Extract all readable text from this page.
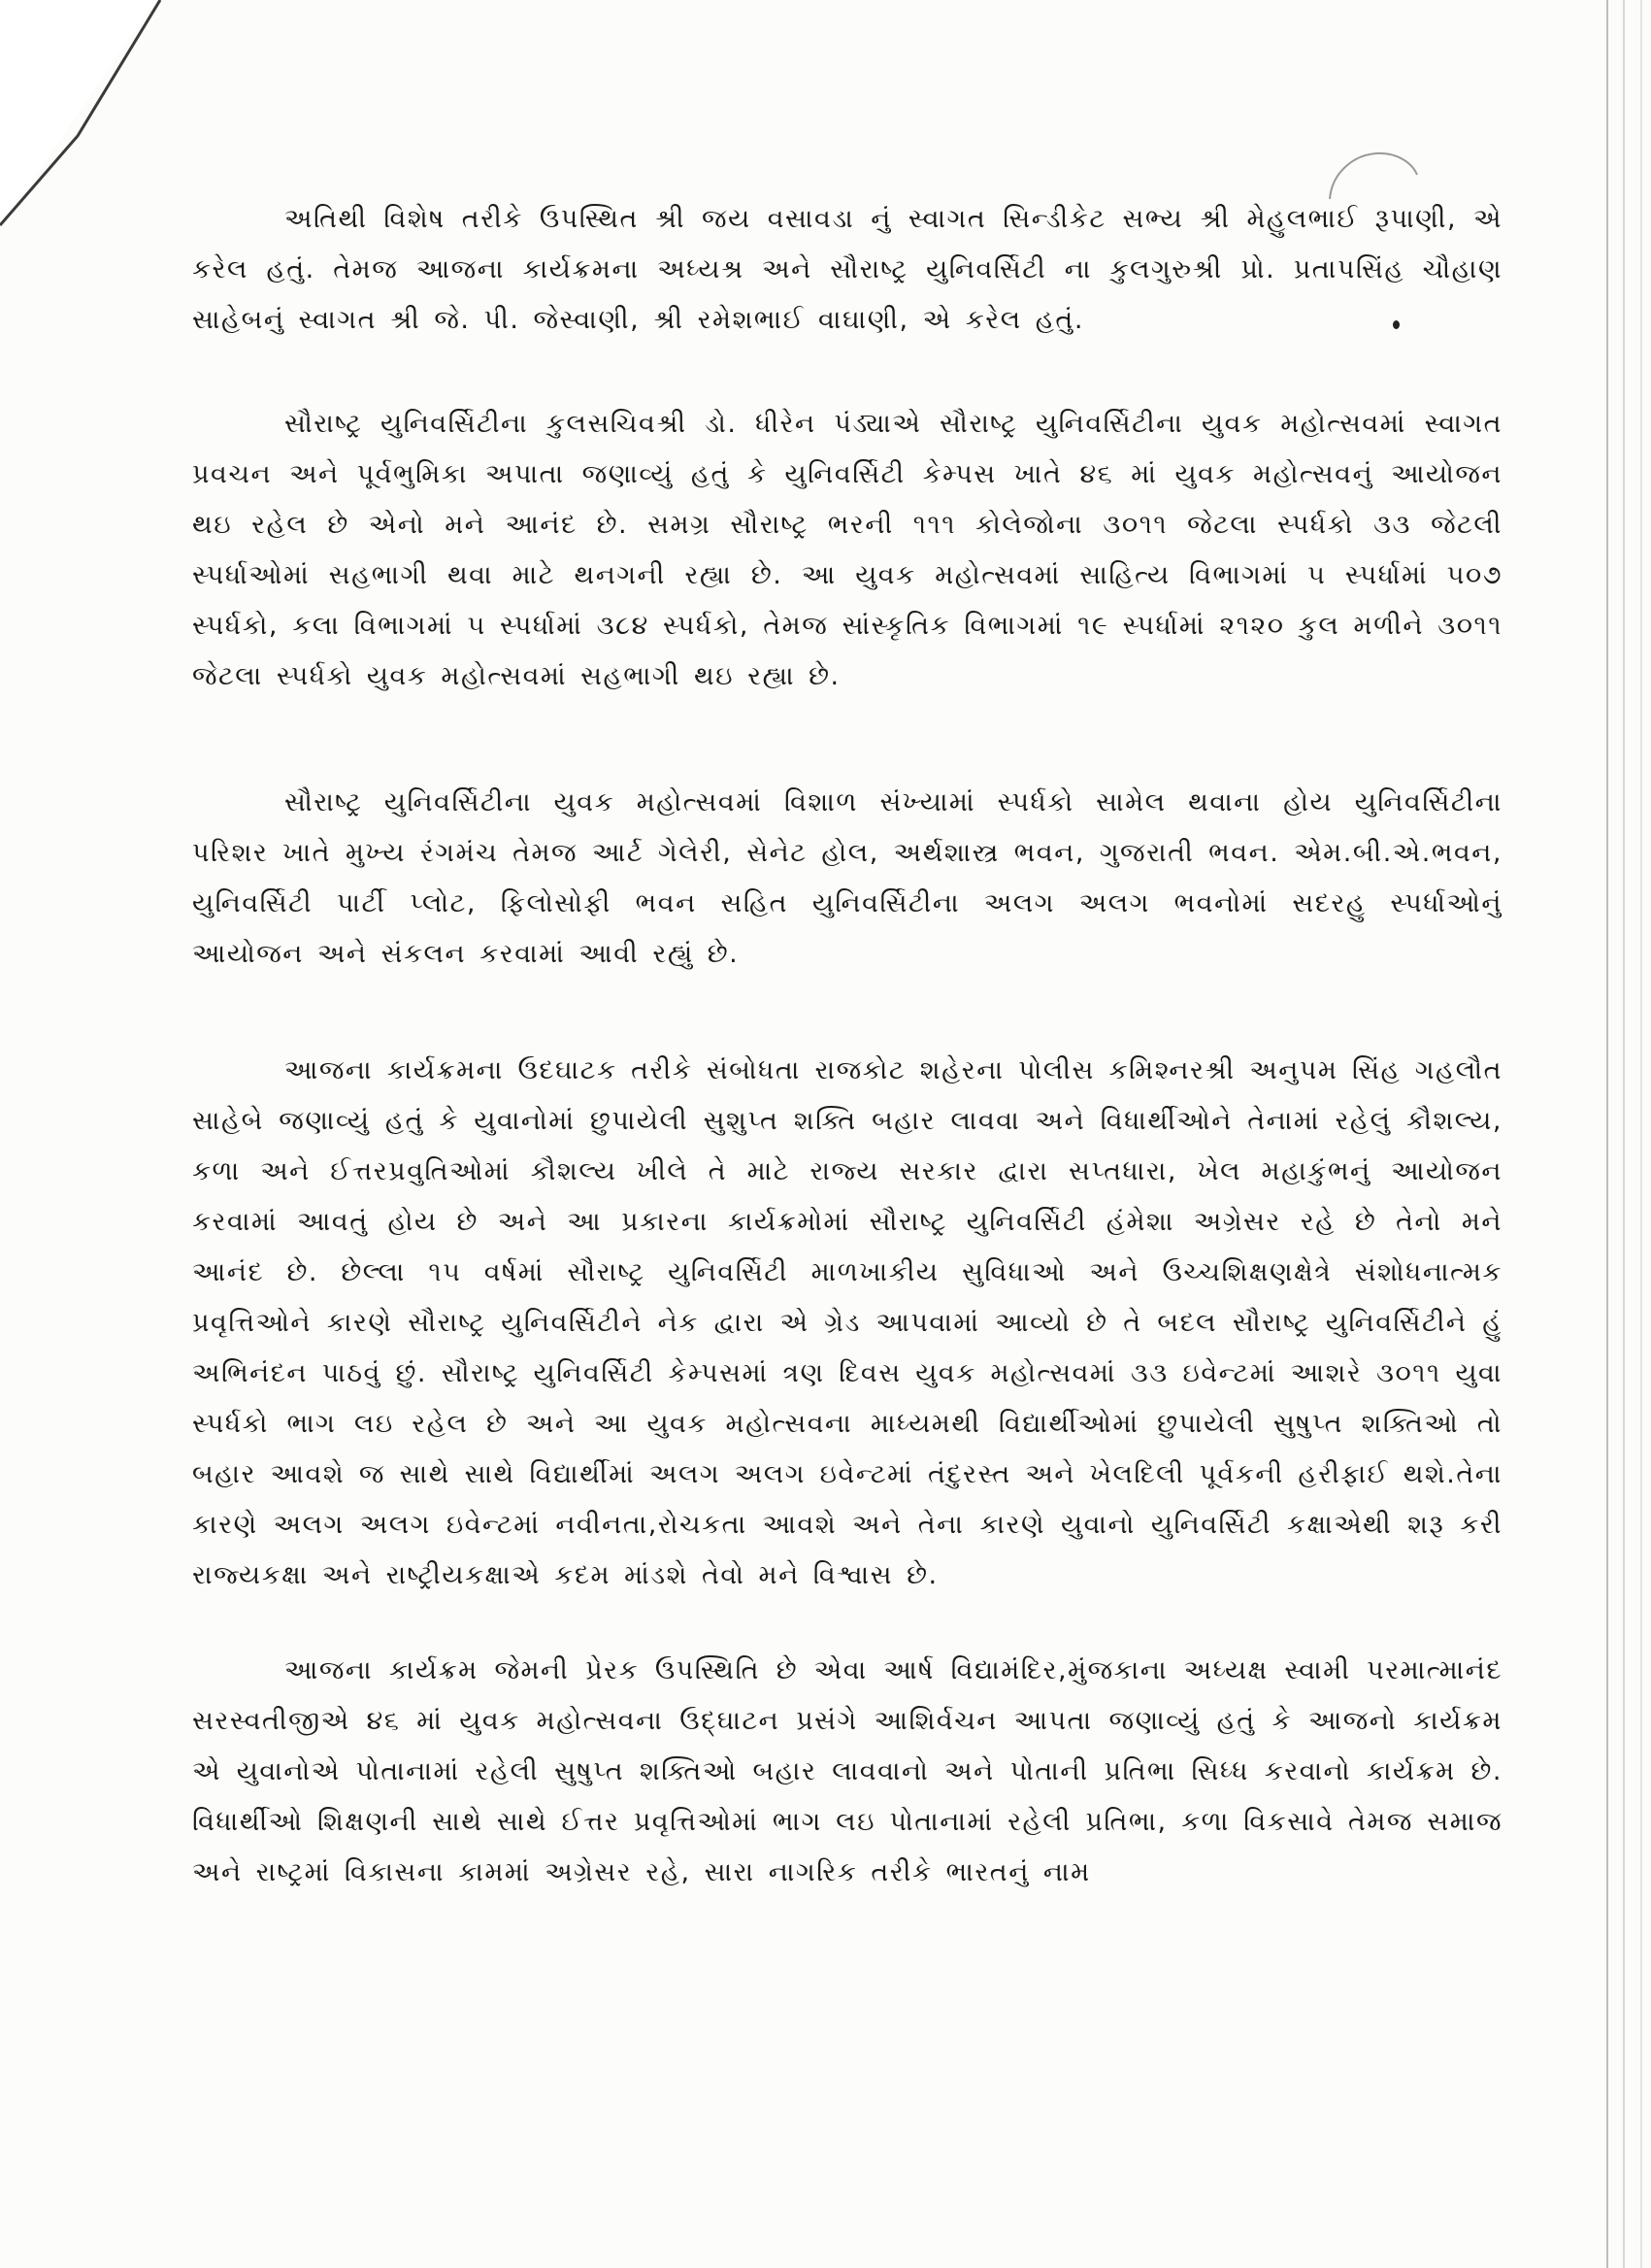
અતિથી વિશેષ તરીકે ઉપસ્થિત શ્રી જય વસાવડા નું સ્વાગત સિન્ડીકેટ સભ્ય શ્રી મેહુલભાઈ રૂપાણી, એ કરેલ હતું. તેમજ આજના કાર્યક્રમના અધ્યશ્ર અને સૌરાષ્ટ્ર યુનિવર્સિટી ના કુલગુરુશ્રી પ્રો. પ્રતાપસિંહ ચૌહાણ સાહેબનું સ્વાગત શ્રી જે. પી. જેસ્વાણી, શ્રી રમેશભાઈ વાઘાણી, એ કરેલ હતું.

સૌરાષ્ટ્ર યુનિવર્સિટીના કુલસચિવશ્રી ડો. ધીરેન પંડ્યાએ સૌરાષ્ટ્ર યુનિવર્સિટીના યુવક મહોત્સવમાં સ્વાગત પ્રવચન અને પૂર્વભુમિકા અપાતા જણાવ્યું હતું કે યુનિવર્સિટી કેમ્પસ ખાતે ૪૬ માં યુવક મહોત્સવનું આયોજન થઇ રહેલ છે એનો મને આનંદ છે. સમગ્ર સૌરાષ્ટ્ર ભરની ૧૧૧ કોલેજોના ૩૦૧૧ જેટલા સ્પર્ધકો ૩૩ જેટલી સ્પર્ધાઓમાં સહભાગી થવા માટે થનગની રહ્યા છે. આ યુવક મહોત્સવમાં સાહિત્ય વિભાગમાં ૫ સ્પર્ધામાં ૫૦૭ સ્પર્ધકો, કલા વિભાગમાં ૫ સ્પર્ધામાં ૩૮૪ સ્પર્ધકો, તેમજ સાંસ્કૃતિક વિભાગમાં ૧૯ સ્પર્ધામાં ૨૧૨૦ કુલ મળીને ૩૦૧૧ જેટલા સ્પર્ધકો યુવક મહોત્સવમાં સહભાગી થઇ રહ્યા છે.

સૌરાષ્ટ્ર યુનિવર્સિટીના યુવક મહોત્સવમાં વિશાળ સંખ્યામાં સ્પર્ધકો સામેલ થવાના હોય યુનિવર્સિટીના પરિશર ખાતે મુખ્ય રંગમંચ તેમજ આર્ટ ગેલેરી, સેનેટ હોલ, અર્થશાસ્ત્ર ભવન, ગુજરાતી ભવન. એમ.બી.એ.ભવન, યુનિવર્સિટી પાર્ટી પ્લોટ, ફિલોસોફી ભવન સહિત યુનિવર્સિટીના અલગ અલગ ભવનોમાં સદરહુ સ્પર્ધાઓનું આયોજન અને સંકલન કરવામાં આવી રહ્યું છે.

આજના કાર્યક્રમના ઉદઘાટક તરીકે સંબોધતા રાજકોટ શહેરના પોલીસ કમિશ્નરશ્રી અનુપમ સિંહ ગહલૌત સાહેબે જણાવ્યું હતું કે યુવાનોમાં છુપાયેલી સુશુપ્ત શક્તિ બહાર લાવવા અને વિધાર્થીઓને તેનામાં રહેલું કૌશલ્ય, કળા અને ઈત્તરપ્રવુતિઓમાં કૌશલ્ય ખીલે તે માટે રાજ્ય સરકાર દ્વારા સપ્તધારા, ખેલ મહાકુંભનું આયોજન કરવામાં આવતું હોય છે અને આ પ્રકારના કાર્યક્રમોમાં સૌરાષ્ટ્ર યુનિવર્સિટી હંમેશા અગ્રેસર રહે છે તેનો મને આનંદ છે. છેલ્લા ૧૫ વર્ષમાં સૌરાષ્ટ્ર યુનિવર્સિટી માળખાકીય સુવિધાઓ અને ઉચ્ચશિક્ષણક્ષેત્રે સંશોધનાત્મક પ્રવૃત્તિઓને કારણે સૌરાષ્ટ્ર યુનિવર્સિટીને નેક દ્વારા એ ગ્રેડ આપવામાં આવ્યો છે તે બદલ સૌરાષ્ટ્ર યુનિવર્સિટીને હું અભિનંદન પાઠવું છું. સૌરાષ્ટ્ર યુનિવર્સિટી કેમ્પસમાં ત્રણ દિવસ યુવક મહોત્સવમાં ૩૩ ઇવેન્ટમાં આશરે ૩૦૧૧ યુવા સ્પર્ધકો ભાગ લઇ રહેલ છે અને આ યુવક મહોત્સવના માધ્યમથી વિદ્યાર્થીઓમાં છુપાયેલી સુષુપ્ત શક્તિઓ તો બહાર આવશે જ સાથે સાથે વિદ્યાર્થીમાં અલગ અલગ ઇવેન્ટમાં તંદુરસ્ત અને ખેલદિલી પૂર્વકની હરીફાઈ થશે.તેના કારણે અલગ અલગ ઇવેન્ટમાં નવીનતા,રોચકતા આવશે અને તેના કારણે યુવાનો યુનિવર્સિટી કક્ષાએથી શરૂ કરી રાજ્યકક્ષા અને રાષ્ટ્રીયકક્ષાએ કદમ માંડશે તેવો મને વિશ્વાસ છે.

આજના કાર્યક્રમ જેમની પ્રેરક ઉપસ્થિતિ છે એવા આર્ષ વિદ્યામંદિર,મુંજકાના અધ્યક્ષ સ્વામી પરમાત્માનંદ સરસ્વતીજીએ ૪૬ માં યુવક મહોત્સવના ઉદ્ઘાટન પ્રસંગે આશિર્વચન આપતા જણાવ્યું હતું કે આજનો કાર્યક્રમ એ યુવાનોએ પોતાનામાં રહેલી સુષુપ્ત શક્તિઓ બહાર લાવવાનો અને પોતાની પ્રતિભા સિધ્ધ કરવાનો કાર્યક્રમ છે. વિધાર્થીઓ શિક્ષણની સાથે સાથે ઈત્તર પ્રવૃત્તિઓમાં ભાગ લઇ પોતાનામાં રહેલી પ્રતિભા, કળા વિકસાવે તેમજ સમાજ અને રાષ્ટ્રમાં વિકાસના કામમાં અગ્રેસર રહે, સારા નાગરિક તરીકે ભારતનું નામ
